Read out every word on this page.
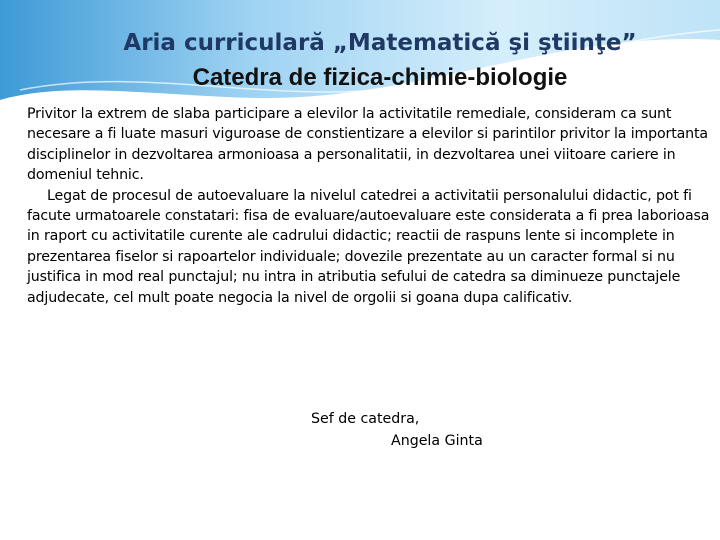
Aria curriculară „Matematică şi ştiinţe”
Catedra de fizica-chimie-biologie

Privitor la extrem de slaba participare a elevilor la activitatile remediale, consideram ca sunt necesare a fi luate masuri viguroase de constientizare a elevilor si parintilor privitor la importanta disciplinelor in dezvoltarea armonioasa a personalitatii, in dezvoltarea unei viitoare cariere in domeniul tehnic.

Legat de procesul de autoevaluare la nivelul catedrei a activitatii personalului didactic, pot fi facute urmatoarele constatari: fisa de evaluare/autoevaluare este considerata a fi prea laborioasa in raport cu activitatile curente ale cadrului didactic; reactii de raspuns lente si incomplete in prezentarea fiselor si rapoartelor individuale; dovezile prezentate au un caracter formal si nu justifica in mod real punctajul; nu intra in atributia sefului de catedra sa diminueze punctajele adjudecate, cel mult poate negocia la nivel de orgolii si goana dupa calificativ.

Sef de catedra,
Angela Ginta
